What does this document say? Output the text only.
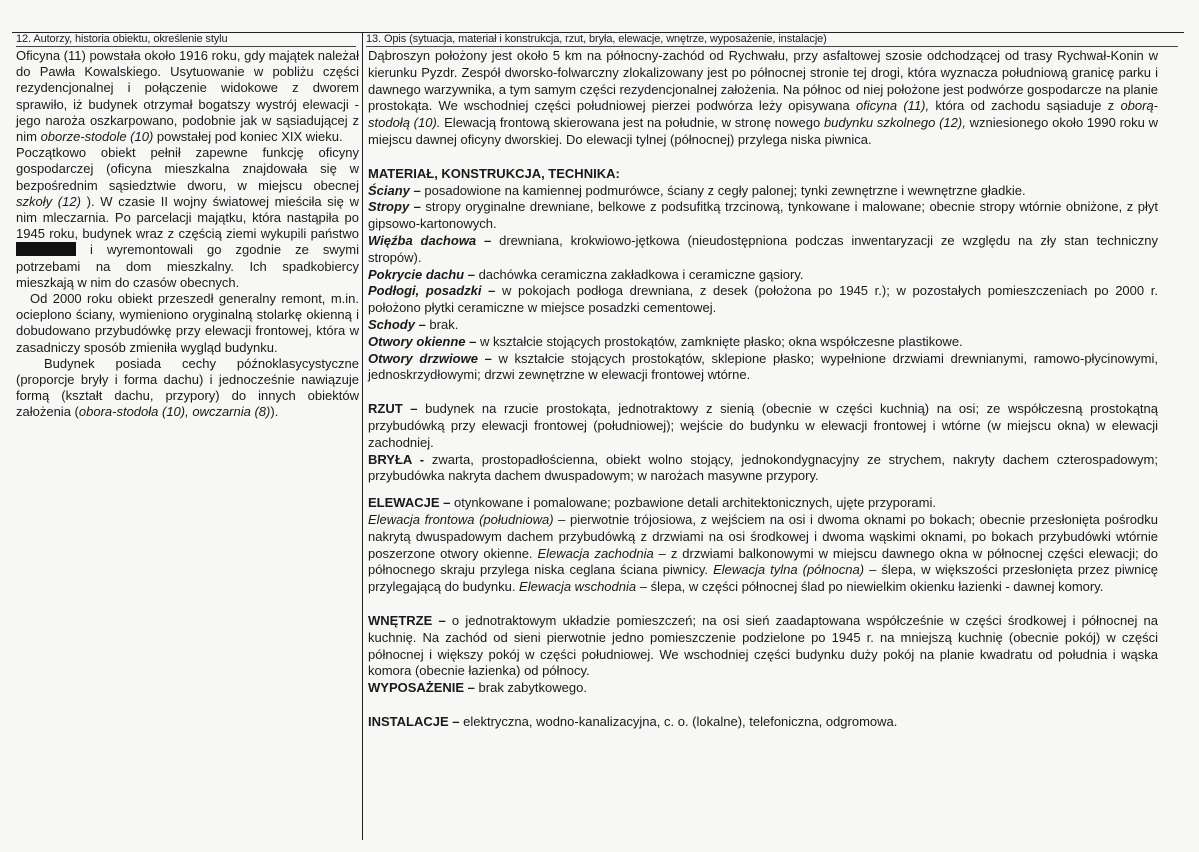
12. Autorzy, historia obiektu, określenie stylu	13. Opis (sytuacja, materiał i konstrukcja, rzut, bryła, elewacje, wnętrze, wyposażenie, instalacje)

Oficyna (11) powstała około 1916 roku, gdy majątek należał do Pawła Kowalskiego. Usytuowanie w pobliżu części rezydencjonalnej i połączenie widokowe z dworem sprawiło, iż budynek otrzymał bogatszy wystrój elewacji - jego naroża oszkarpowano, podobnie jak w sąsiadującej z nim oborze-stodole (10) powstałej pod koniec XIX wieku.

Początkowo obiekt pełnił zapewne funkcję oficyny gospodarczej (oficyna mieszkalna znajdowała się w bezpośrednim sąsiedztwie dworu, w miejscu obecnej szkoły (12) ). W czasie II wojny światowej mieściła się w nim mleczarnia. Po parcelacji majątku, która nastąpiła po 1945 roku, budynek wraz z częścią ziemi wykupili państwo  i wyremontowali go zgodnie ze swymi potrzebami na dom mieszkalny. Ich spadkobiercy mieszkają w nim do czasów obecnych.

Od 2000 roku obiekt przeszedł generalny remont, m.in. ocieplono ściany, wymieniono oryginalną stolarkę okienną i dobudowano przybudówkę przy elewacji frontowej, która w zasadniczy sposób zmieniła wygląd budynku.

Budynek posiada cechy późnoklasycystyczne (proporcje bryły i forma dachu) i jednocześnie nawiązuje formą (kształt dachu, przypory) do innych obiektów założenia (obora-stodoła (10), owczarnia (8)).

Dąbroszyn położony jest około 5 km na północny-zachód od Rychwału, przy asfaltowej szosie odchodzącej od trasy Rychwał-Konin w kierunku Pyzdr. Zespół dworsko-folwarczny zlokalizowany jest po północnej stronie tej drogi, która wyznacza południową granicę parku i dawnego warzywnika, a tym samym części rezydencjonalnej założenia. Na północ od niej położone jest podwórze gospodarcze na planie prostokąta. We wschodniej części południowej pierzei podwórza leży opisywana oficyna (11), która od zachodu sąsiaduje z oborą-stodołą (10). Elewacją frontową skierowana jest na południe, w stronę nowego budynku szkolnego (12), wzniesionego około 1990 roku w miejscu dawnej oficyny dworskiej. Do elewacji tylnej (północnej) przylega niska piwnica.

MATERIAŁ, KONSTRUKCJA, TECHNIKA:

Ściany – posadowione na kamiennej podmurówce, ściany z cegły palonej; tynki zewnętrzne i wewnętrzne gładkie.

Stropy – stropy oryginalne drewniane, belkowe z podsufitką trzcinową, tynkowane i malowane; obecnie stropy wtórnie obniżone, z płyt gipsowo-kartonowych.

Więźba dachowa – drewniana, krokwiowo-jętkowa (nieudostępniona podczas inwentaryzacji ze względu na zły stan techniczny stropów).

Pokrycie dachu – dachówka ceramiczna zakładkowa i ceramiczne gąsiory.

Podłogi, posadzki – w pokojach podłoga drewniana, z desek (położona po 1945 r.); w pozostałych pomieszczeniach po 2000 r. położono płytki ceramiczne w miejsce posadzki cementowej.

Schody – brak.

Otwory okienne – w kształcie stojących prostokątów, zamknięte płasko; okna współczesne plastikowe.

Otwory drzwiowe – w kształcie stojących prostokątów, sklepione płasko; wypełnione drzwiami drewnianymi, ramowo-płycinowymi, jednoskrzydłowymi; drzwi zewnętrzne w elewacji frontowej wtórne.

RZUT – budynek na rzucie prostokąta, jednotraktowy z sienią (obecnie w części kuchnią) na osi; ze współczesną prostokątną przybudówką przy elewacji frontowej (południowej); wejście do budynku w elewacji frontowej i wtórne (w miejscu okna) w elewacji zachodniej.

BRYŁA - zwarta, prostopadłościenna, obiekt wolno stojący, jednokondygnacyjny ze strychem, nakryty dachem czterospadowym; przybudówka nakryta dachem dwuspadowym; w narożach masywne przypory.

ELEWACJE – otynkowane i pomalowane; pozbawione detali architektonicznych, ujęte przyporami.

Elewacja frontowa (południowa) – pierwotnie trójosiowa, z wejściem na osi i dwoma oknami po bokach; obecnie przesłonięta pośrodku nakrytą dwuspadowym dachem przybudówką z drzwiami na osi środkowej i dwoma wąskimi oknami, po bokach przybudówki wtórnie poszerzone otwory okienne. Elewacja zachodnia – z drzwiami balkonowymi w miejscu dawnego okna w północnej części elewacji; do północnego skraju przylega niska ceglana ściana piwnicy. Elewacja tylna (północna) – ślepa, w większości przesłonięta przez piwnicę przylegającą do budynku. Elewacja wschodnia – ślepa, w części północnej ślad po niewielkim okienku łazienki - dawnej komory.

WNĘTRZE – o jednotraktowym układzie pomieszczeń; na osi sień zaadaptowana współcześnie w części środkowej i północnej na kuchnię. Na zachód od sieni pierwotnie jedno pomieszczenie podzielone po 1945 r. na mniejszą kuchnię (obecnie pokój) w części północnej i większy pokój w części południowej. We wschodniej części budynku duży pokój na planie kwadratu od południa i wąska komora (obecnie łazienka) od północy.

WYPOSAŻENIE – brak zabytkowego.

INSTALACJE – elektryczna, wodno-kanalizacyjna, c. o. (lokalne), telefoniczna, odgromowa.
